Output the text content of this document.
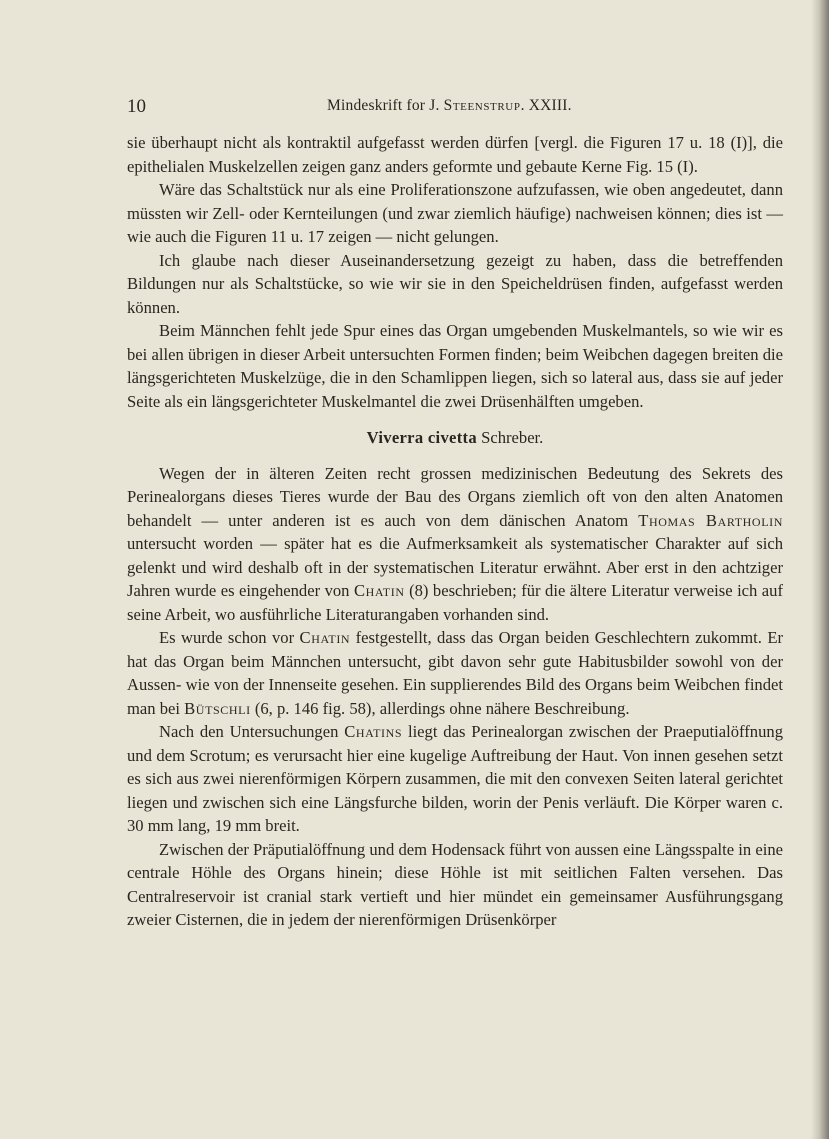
10	Mindeskrift for J. Steenstrup. XXIII.

sie überhaupt nicht als kontraktil aufgefasst werden dürfen [vergl. die Figuren 17 u. 18 (I)], die epithelialen Muskelzellen zeigen ganz anders geformte und gebaute Kerne Fig. 15 (I).

Wäre das Schaltstück nur als eine Proliferationszone aufzufassen, wie oben angedeutet, dann müssten wir Zell- oder Kernteilungen (und zwar ziemlich häufige) nachweisen können; dies ist — wie auch die Figuren 11 u. 17 zeigen — nicht gelungen.

Ich glaube nach dieser Auseinandersetzung gezeigt zu haben, dass die betreffenden Bildungen nur als Schaltstücke, so wie wir sie in den Speicheldrüsen finden, aufgefasst werden können.

Beim Männchen fehlt jede Spur eines das Organ umgebenden Muskelmantels, so wie wir es bei allen übrigen in dieser Arbeit untersuchten Formen finden; beim Weibchen dagegen breiten die längsgerichteten Muskelzüge, die in den Schamlippen liegen, sich so lateral aus, dass sie auf jeder Seite als ein längsgerichteter Muskelmantel die zwei Drüsenhälften umgeben.

Viverra civetta Schreber.

Wegen der in älteren Zeiten recht grossen medizinischen Bedeutung des Sekrets des Perinealorgans dieses Tieres wurde der Bau des Organs ziemlich oft von den alten Anatomen behandelt — unter anderen ist es auch von dem dänischen Anatom Thomas Bartholin untersucht worden — später hat es die Aufmerksamkeit als systematischer Charakter auf sich gelenkt und wird deshalb oft in der systematischen Literatur erwähnt. Aber erst in den achtziger Jahren wurde es eingehender von Chatin (8) beschrieben; für die ältere Literatur verweise ich auf seine Arbeit, wo ausführliche Literaturangaben vorhanden sind.

Es wurde schon vor Chatin festgestellt, dass das Organ beiden Geschlechtern zukommt. Er hat das Organ beim Männchen untersucht, gibt davon sehr gute Habitusbilder sowohl von der Aussen- wie von der Innenseite gesehen. Ein supplierendes Bild des Organs beim Weibchen findet man bei Bütschli (6, p. 146 fig. 58), allerdings ohne nähere Beschreibung.

Nach den Untersuchungen Chatins liegt das Perinealorgan zwischen der Praeputialöffnung und dem Scrotum; es verursacht hier eine kugelige Auftreibung der Haut. Von innen gesehen setzt es sich aus zwei nierenförmigen Körpern zusammen, die mit den convexen Seiten lateral gerichtet liegen und zwischen sich eine Längsfurche bilden, worin der Penis verläuft. Die Körper waren c. 30 mm lang, 19 mm breit.

Zwischen der Präputialöffnung und dem Hodensack führt von aussen eine Längsspalte in eine centrale Höhle des Organs hinein; diese Höhle ist mit seitlichen Falten versehen. Das Centralreservoir ist cranial stark vertieft und hier mündet ein gemeinsamer Ausführungsgang zweier Cisternen, die in jedem der nierenförmigen Drüsenkörper
